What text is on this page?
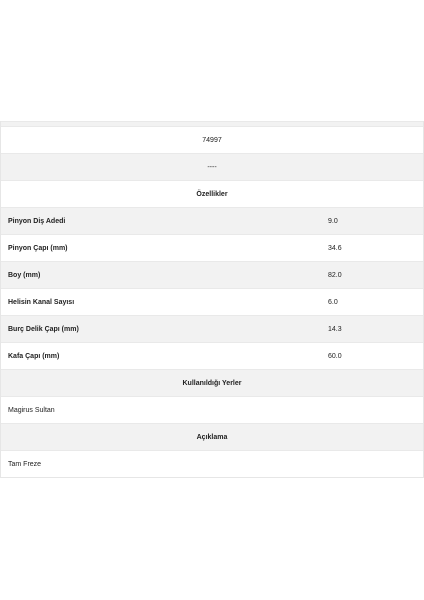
74997
----
Özellikler
Pinyon Diş Adedi	9.0
Pinyon Çapı (mm)	34.6
Boy (mm)	82.0
Helisin Kanal Sayısı	6.0
Burç Delik Çapı (mm)	14.3
Kafa Çapı (mm)	60.0
Kullanıldığı Yerler
Magirus Sultan
Açıklama
Tam Freze
